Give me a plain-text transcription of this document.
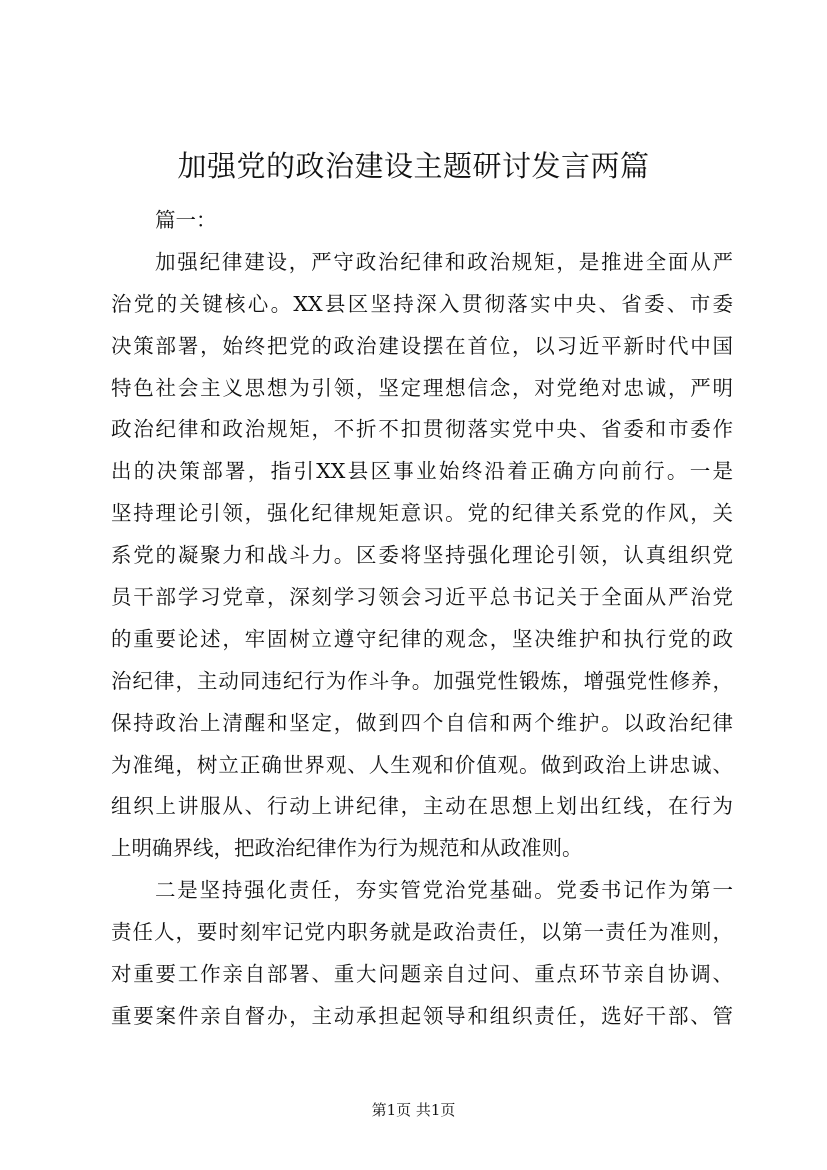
加强党的政治建设主题研讨发言两篇
篇一：
加强纪律建设，严守政治纪律和政治规矩，是推进全面从严
治党的关键核心。XX县区坚持深入贯彻落实中央、省委、市委
决策部署，始终把党的政治建设摆在首位，以习近平新时代中国
特色社会主义思想为引领，坚定理想信念，对党绝对忠诚，严明
政治纪律和政治规矩，不折不扣贯彻落实党中央、省委和市委作
出的决策部署，指引XX县区事业始终沿着正确方向前行。一是
坚持理论引领，强化纪律规矩意识。党的纪律关系党的作风，关
系党的凝聚力和战斗力。区委将坚持强化理论引领，认真组织党
员干部学习党章，深刻学习领会习近平总书记关于全面从严治党
的重要论述，牢固树立遵守纪律的观念，坚决维护和执行党的政
治纪律，主动同违纪行为作斗争。加强党性锻炼，增强党性修养，
保持政治上清醒和坚定，做到四个自信和两个维护。以政治纪律
为准绳，树立正确世界观、人生观和价值观。做到政治上讲忠诚、
组织上讲服从、行动上讲纪律，主动在思想上划出红线，在行为
上明确界线，把政治纪律作为行为规范和从政准则。
二是坚持强化责任，夯实管党治党基础。党委书记作为第一
责任人，要时刻牢记党内职务就是政治责任，以第一责任为准则，
对重要工作亲自部署、重大问题亲自过问、重点环节亲自协调、
重要案件亲自督办，主动承担起领导和组织责任，选好干部、管
第1页 共1页
